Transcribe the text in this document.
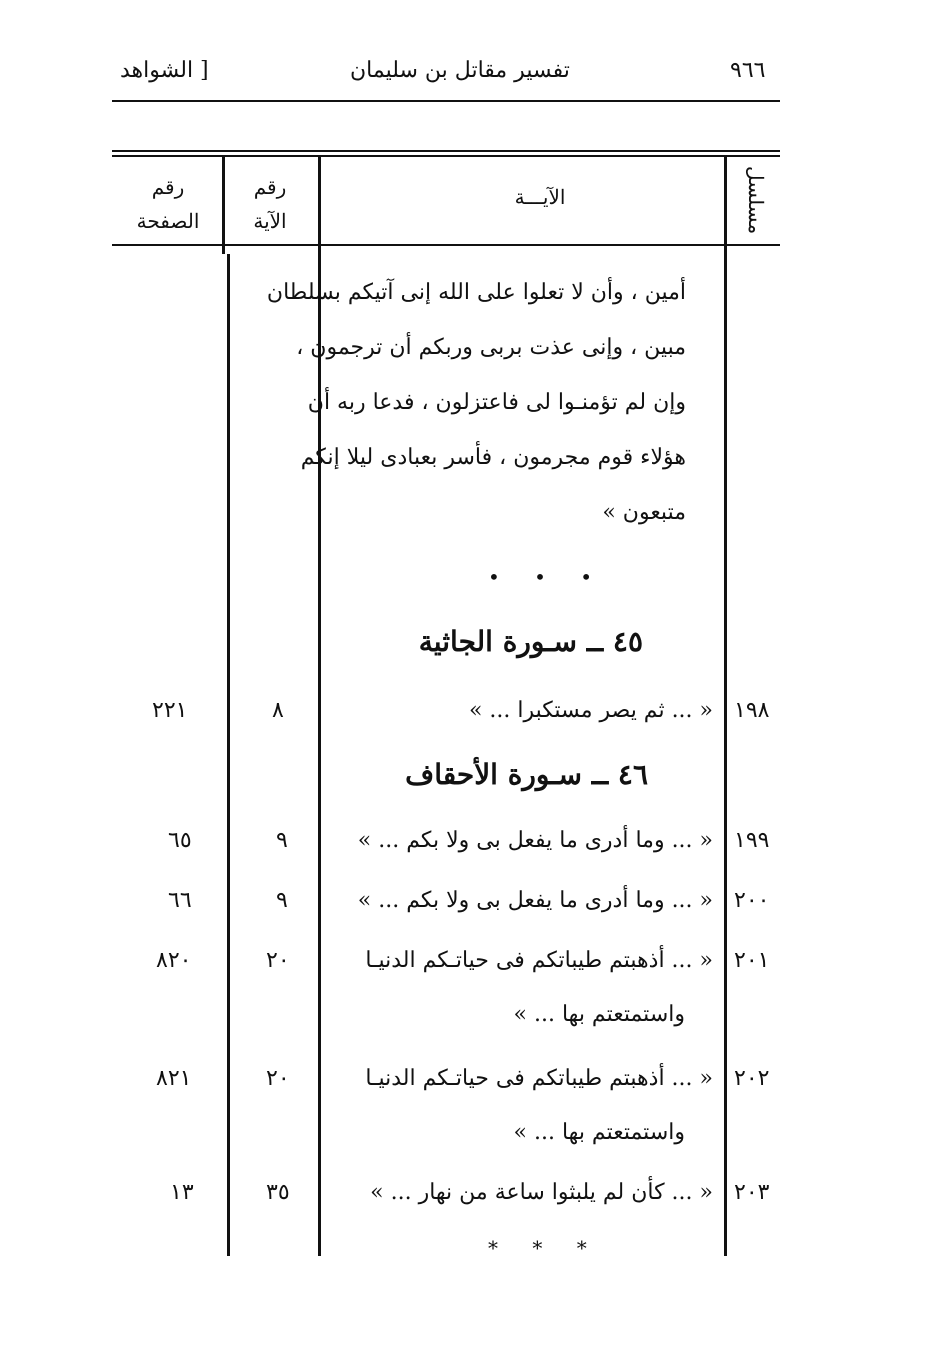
٩٦٦
تفسير مقاتل بن سليمان
[ الشواهد
مسلسل
الآيـــة
رقم الآية
رقم الصفحة
أمين ، وأن لا تعلوا على الله إنى آتيكم بسلطان
مبين ، وإنى عذت بربى وربكم أن ترجمون ،
وإن لم تؤمنـوا لى فاعتزلون ، فدعا ربه أن
هؤلاء قوم مجرمون ، فأسر بعبادى ليلا إنكم
متبعون »
• • •
٤٥ ــ سـورة الجاثية
١٩٨
« ... ثم يصر مستكبرا ... »
٨
٢٢١
٤٦ ــ سـورة الأحقاف
١٩٩
« ... وما أدرى ما يفعل بى ولا بكم ... »
٩
٦٥
٢٠٠
« ... وما أدرى ما يفعل بى ولا بكم ... »
٩
٦٦
٢٠١
« ... أذهبتم طيباتكم فى حياتـكم الدنيـا
واستمتعتم بها ... »
٢٠
٨٢٠
٢٠٢
« ... أذهبتم طيباتكم فى حياتـكم الدنيـا
واستمتعتم بها ... »
٢٠
٨٢١
٢٠٣
« ... كأن لم يلبثوا ساعة من نهار ... »
٣٥
١٣
* * *
